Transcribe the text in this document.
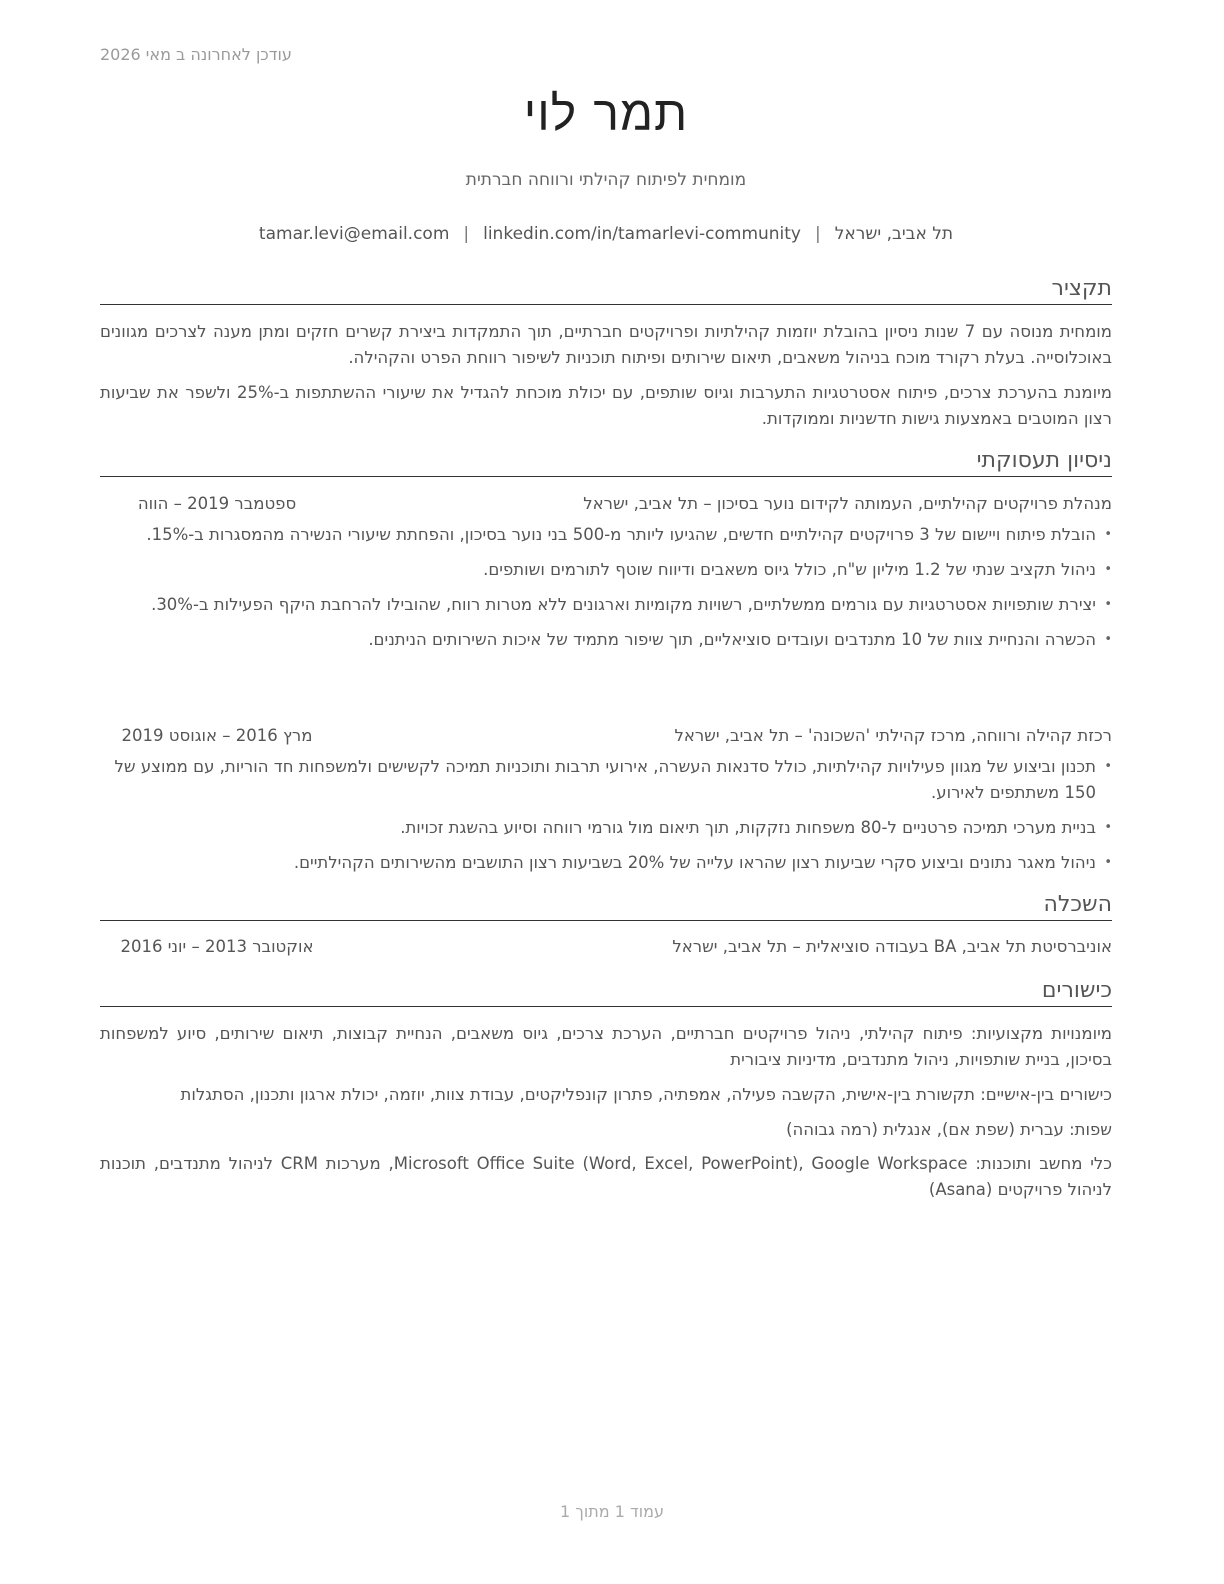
עודכן לאחרונה ב מאי 2026
תמר לוי
מומחית לפיתוח קהילתי ורווחה חברתית
תל אביב, ישראל|tamar.levi@email.com | linkedin.com/in/tamarlevi-community
תקציר
מומחית מנוסה עם 7 שנות ניסיון בהובלת יוזמות קהילתיות ופרויקטים חברתיים, תוך התמקדות ביצירת קשרים חזקים ומתן מענה לצרכים מגוונים באוכלוסייה. בעלת רקורד מוכח בניהול משאבים, תיאום שירותים ופיתוח תוכניות לשיפור רווחת הפרט והקהילה.
מיומנת בהערכת צרכים, פיתוח אסטרטגיות התערבות וגיוס שותפים, עם יכולת מוכחת להגדיל את שיעורי ההשתתפות ב-25% ולשפר את שביעות רצון המוטבים באמצעות גישות חדשניות וממוקדות.
ניסיון תעסוקתי
מנהלת פרויקטים קהילתיים, העמותה לקידום נוער בסיכון – תל אביב, ישראל
ספטמבר 2019 – הווה
• הובלת פיתוח ויישום של 3 פרויקטים קהילתיים חדשים, שהגיעו ליותר מ-500 בני נוער בסיכון, והפחתת שיעורי הנשירה מהמסגרות ב-15%.
• ניהול תקציב שנתי של 1.2 מיליון ש"ח, כולל גיוס משאבים ודיווח שוטף לתורמים ושותפים.
• יצירת שותפויות אסטרטגיות עם גורמים ממשלתיים, רשויות מקומיות וארגונים ללא מטרות רווח, שהובילו להרחבת היקף הפעילות ב-30%.
• הכשרה והנחיית צוות של 10 מתנדבים ועובדים סוציאליים, תוך שיפור מתמיד של איכות השירותים הניתנים.
רכזת קהילה ורווחה, מרכז קהילתי 'השכונה' – תל אביב, ישראל
מרץ 2016 – אוגוסט 2019
• תכנון וביצוע של מגוון פעילויות קהילתיות, כולל סדנאות העשרה, אירועי תרבות ותוכניות תמיכה לקשישים ולמשפחות חד הוריות, עם ממוצע של 150 משתתפים לאירוע.
• בניית מערכי תמיכה פרטניים ל-80 משפחות נזקקות, תוך תיאום מול גורמי רווחה וסיוע בהשגת זכויות.
• ניהול מאגר נתונים וביצוע סקרי שביעות רצון שהראו עלייה של 20% בשביעות רצון התושבים מהשירותים הקהילתיים.
השכלה
אוניברסיטת תל אביב, BA בעבודה סוציאלית – תל אביב, ישראל
אוקטובר 2013 – יוני 2016
כישורים
מיומנויות מקצועיות: פיתוח קהילתי, ניהול פרויקטים חברתיים, הערכת צרכים, גיוס משאבים, הנחיית קבוצות, תיאום שירותים, סיוע למשפחות בסיכון, בניית שותפויות, ניהול מתנדבים, מדיניות ציבורית
כישורים בין-אישיים: תקשורת בין-אישית, הקשבה פעילה, אמפתיה, פתרון קונפליקטים, עבודת צוות, יוזמה, יכולת ארגון ותכנון, הסתגלות
שפות: עברית (שפת אם), אנגלית (רמה גבוהה)
כלי מחשב ותוכנות: Microsoft Office Suite (Word, Excel, PowerPoint), Google Workspace, מערכות CRM לניהול מתנדבים, תוכנות לניהול פרויקטים (Asana)
עמוד 1 מתוך 1
